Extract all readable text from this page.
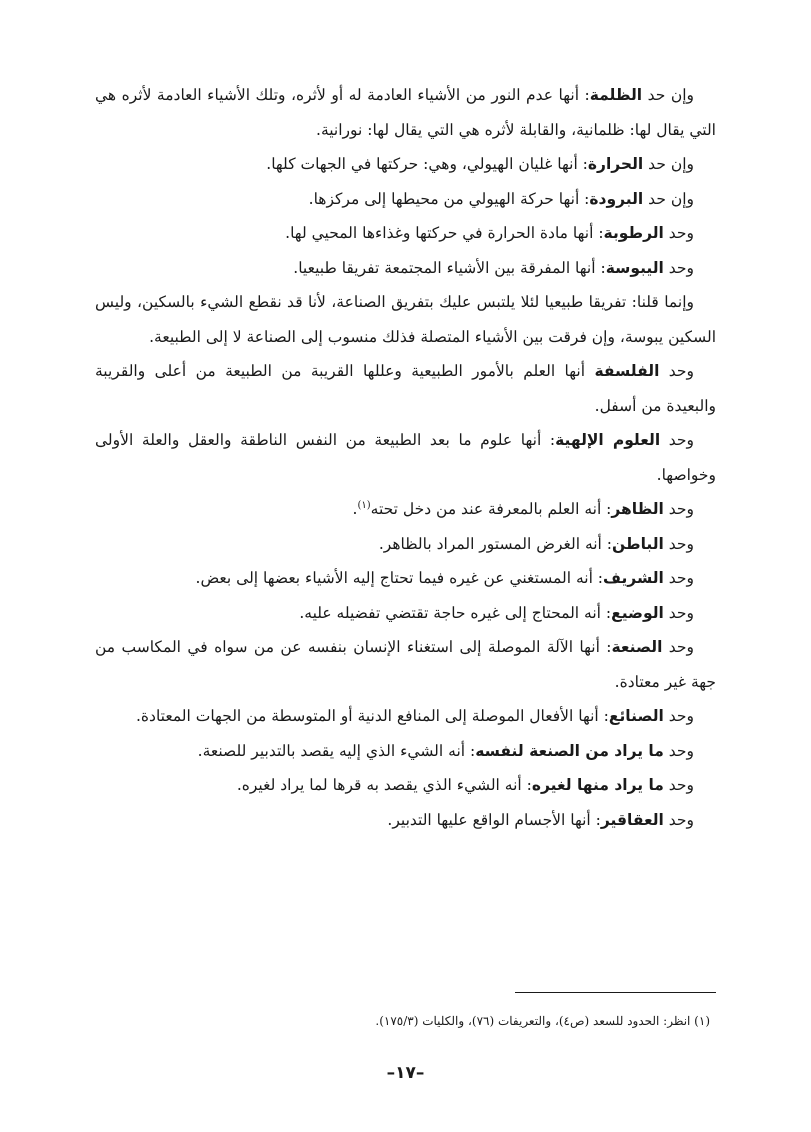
وإن حد الظلمة: أنها عدم النور من الأشياء العادمة له أو لأثره، وتلك الأشياء العادمة لأثره هي التي يقال لها: ظلمانية، والقابلة لأثره هي التي يقال لها: نورانية.

وإن حد الحرارة: أنها غليان الهيولي، وهي: حركتها في الجهات كلها.

وإن حد البرودة: أنها حركة الهيولي من محيطها إلى مركزها.

وحد الرطوبة: أنها مادة الحرارة في حركتها وغذاءها المحيي لها.

وحد اليبوسة: أنها المفرقة بين الأشياء المجتمعة تفريقا طبيعيا.

وإنما قلنا: تفريقا طبيعيا لئلا يلتبس عليك بتفريق الصناعة، لأنا قد نقطع الشيء بالسكين، وليس السكين يبوسة، وإن فرقت بين الأشياء المتصلة فذلك منسوب إلى الصناعة لا إلى الطبيعة.

وحد الفلسفة أنها العلم بالأمور الطبيعية وعللها القريبة من الطبيعة من أعلى والقريبة والبعيدة من أسفل.

وحد العلوم الإلهية: أنها علوم ما بعد الطبيعة من النفس الناطقة والعقل والعلة الأولى وخواصها.

وحد الظاهر: أنه العلم بالمعرفة عند من دخل تحته$^{(١)}$.

وحد الباطن: أنه الغرض المستور المراد بالظاهر.

وحد الشريف: أنه المستغني عن غيره فيما تحتاج إليه الأشياء بعضها إلى بعض.

وحد الوضيع: أنه المحتاج إلى غيره حاجة تقتضي تفضيله عليه.

وحد الصنعة: أنها الآلة الموصلة إلى استغناء الإنسان بنفسه عن من سواه في المكاسب من جهة غير معتادة.

وحد الصنائع: أنها الأفعال الموصلة إلى المنافع الدنية أو المتوسطة من الجهات المعتادة.

وحد ما يراد من الصنعة لنفسه: أنه الشيء الذي إليه يقصد بالتدبير للصنعة.

وحد ما يراد منها لغيره: أنه الشيء الذي يقصد به قرها لما يراد لغيره.

وحد العقاقير: أنها الأجسام الواقع عليها التدبير.

(١) انظر: الحدود للسعد (ص٤)، والتعريفات (٧٦)، والكليات (١٧٥/٣).
–١٧–
